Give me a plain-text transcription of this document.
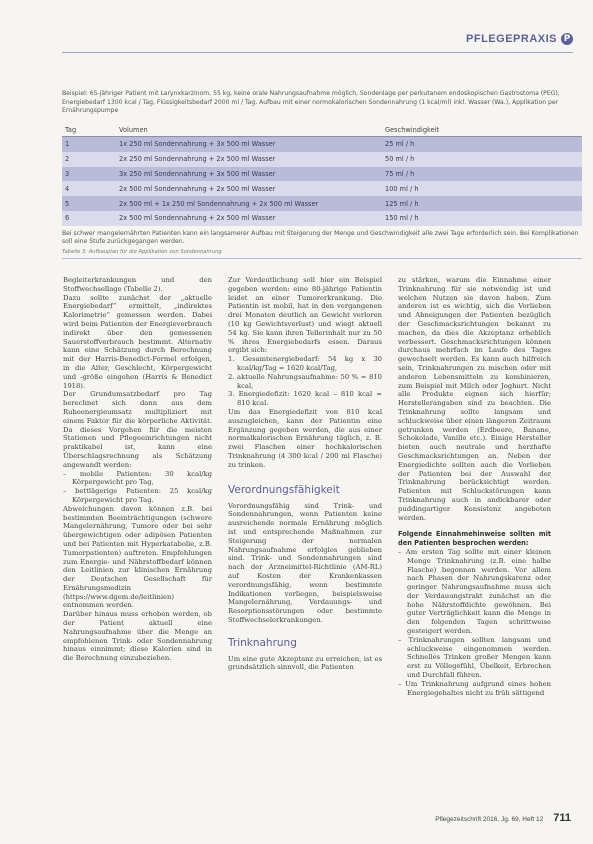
PFLEGEPRAXIS P
Beispiel: 65-jähriger Patient mit Larynxkarzinom, 55 kg, keine orale Nahrungsaufnahme möglich, Sondenlage per perkutanem endoskopischen Gastrostoma (PEG), Energiebedarf 1300 kcal / Tag, Flüssigkeitsbedarf 2000 ml / Tag, Aufbau mit einer normokalorischen Sondennahrung (1 kcal/ml) inkl. Wasser (Wa.), Applikation per Ernährungspumpe
Tag	Volumen	Geschwindigkeit
1	1x 250 ml Sondennahrung + 3x 500 ml Wasser	25 ml / h
2	2x 250 ml Sondennahrung + 2x 500 ml Wasser	50 ml / h
3	3x 250 ml Sondennahrung + 3x 500 ml Wasser	75 ml / h
4	2x 500 ml Sondennahrung + 2x 500 ml Wasser	100 ml / h
5	2x 500 ml + 1x 250 ml Sondennahrung + 2x 500 ml Wasser	125 ml / h
6	2x 500 ml Sondennahrung + 2x 500 ml Wasser	150 ml / h
Bei schwer mangelernährten Patienten kann ein langsamerer Aufbau mit Steigerung der Menge und Geschwindigkeit alle zwei Tage erforderlich sein. Bei Komplikationen soll eine Stufe zurückgegangen werden.
Tabelle 3: Aufbauplan für die Applikation von Sondennahrung

Begleiterkrankungen und den Stoffwechsellage (Tabelle 2).

Dazu sollte zunächst der „aktuelle Energiebedarf“ ermittelt, „indirektes Kalorimetrie“ gemessen werden. Dabei wird beim Patienten der Energieverbrauch indirekt über den gemessenen Sauerstoffverbrauch bestimmt. Alternativ kann eine Schätzung durch Berechnung mit der Harris-Benedict-Formel erfolgen, in die Alter, Geschlecht, Körpergewicht und -größe eingehen (Harris & Benedict 1918).

Der Grundumsatzbedarf pro Tag berechnet sich dann aus dem Ruheenergieumsatz multipliziert mit einem Faktor für die körperliche Aktivität. Da dieses Vorgehen für die meisten Stationen und Pflegeeinrichtungen nicht praktikabel ist, kann eine Überschlagsrechnung als Schätzung angewandt werden:

– mobile Patienten: 30 kcal/kg Körpergewicht pro Tag,
– bettlägerige Patienten: 25 kcal/kg Körpergewicht pro Tag.

Abweichungen davon können z.B. bei bestimmten Beeinträchtigungen (schwere Mangelernährung, Tumore oder bei sehr übergewichtigen oder adipösen Patienten und bei Patienten mit Hyperkatabolie, z.B. Tumorpatienten) auftreten. Empfehlungen zum Energie- und Nährstoffbedarf können den Leitlinien zur klinischen Ernährung der Deutschen Gesellschaft für Ernährungsmedizin (https://www.dgem.de/leitlinien) entnommen werden.

Darüber hinaus muss erhoben werden, ob der Patient aktuell eine Nahrungsaufnahme über die Menge an empfohlenen Trink- oder Sondennahrung hinaus einnimmt; diese Kalorien sind in die Berechnung einzubeziehen.

Zur Verdeutlichung soll hier ein Beispiel gegeben werden: eine 80-jährige Patientin leidet an einer Tumorerkrankung. Die Patientin ist mobil, hat in den vergangenen drei Monaten deutlich an Gewicht verloren (10 kg Gewichtsverlust) und wiegt aktuell 54 kg. Sie kann ihren Tellerinhalt nur zu 50 % ihres Energiebedarfs essen. Daraus ergibt sich:

1. Gesamtenergiebedarf: 54 kg x 30 kcal/kg/Tag = 1620 kcal/Tag,
2. aktuelle Nahrungsaufnahme: 50 % = 810 kcal,
3. Energiedefizit: 1620 kcal – 810 kcal = 810 kcal.

Um das Energiedefizit von 810 kcal auszugleichen, kann der Patientin eine Ergänzung gegeben werden, die aus einer normalkalorischen Ernährung täglich, z. B. zwei Flaschen einer hochkalorischen Trinknahrung (4 300 kcal / 200 ml Flasche) zu trinken.

Verordnungsfähigkeit

Verordnungsfähig sind Trink- und Sondennahrungen, wenn Patienten keine ausreichende normale Ernährung möglich ist und entsprechende Maßnahmen zur Steigerung der normalen Nahrungsaufnahme erfolglos geblieben sind. Trink- und Sondennahrungen sind nach der Arzneimittel-Richtlinie (AM-RL) auf Kosten der Krankenkassen verordnungsfähig, wenn bestimmte Indikationen vorliegen, beispielsweise Mangelernährung, Verdauungs- und Resorptionsstörungen oder bestimmte Stoffwechselerkrankungen.

Trinknahrung

Um eine gute Akzeptanz zu erreichen, ist es grundsätzlich sinnvoll, die Patienten

zu stärken, warum die Einnahme einer Trinknahrung für sie notwendig ist und welchen Nutzen sie davon haben. Zum anderen ist es wichtig, sich die Vorlieben und Abneigungen der Patienten bezüglich der Geschmacksrichtungen bekannt zu machen, da dies die Akzeptanz erheblich verbessert. Geschmacksrichtungen können durchaus mehrfach im Laufe des Tages gewechselt werden. Es kann auch hilfreich sein, Trinknahrungen zu mischen oder mit anderen Lebensmitteln zu kombinieren, zum Beispiel mit Milch oder Joghurt. Nicht alle Produkte eignen sich hierfür; Herstellerangaben sind zu beachten. Die Trinknahrung sollte langsam und schluckweise über einen längeren Zeitraum getrunken werden (Erdbeere, Banane, Schokolade, Vanille etc.). Einige Hersteller bieten auch neutrale und herzhafte Geschmacksrichtungen an. Neben der Energiedichte sollten auch die Vorlieben der Patienten bei der Auswahl der Trinknahrung berücksichtigt werden. Patienten mit Schluckstörungen kann Trinknahrung auch in andickbarer oder puddingartiger Konsistenz angeboten werden.

Folgende Einnahmehinweise sollten mit den Patienten besprochen werden:

– Am ersten Tag sollte mit einer kleinen Menge Trinknahrung (z.B. eine halbe Flasche) begonnen werden. Vor allem nach Phasen der Nahrungskarenz oder geringer Nahrungsaufnahme muss sich der Verdauungstrakt zunächst an die hohe Nährstoffdichte gewöhnen. Bei guter Verträglichkeit kann die Menge in den folgenden Tagen schrittweise gesteigert werden.
– Trinknahrungen sollten langsam und schluckweise eingenommen werden. Schnelles Trinken großer Mengen kann erst zu Völlegefühl, Übelkeit, Erbrechen und Durchfall führen.
– Um Trinknahrung aufgrund eines hohen Energiegehaltes nicht zu früh sättigend
Pflegezeitschrift 2016, Jg. 69, Heft 12 711
